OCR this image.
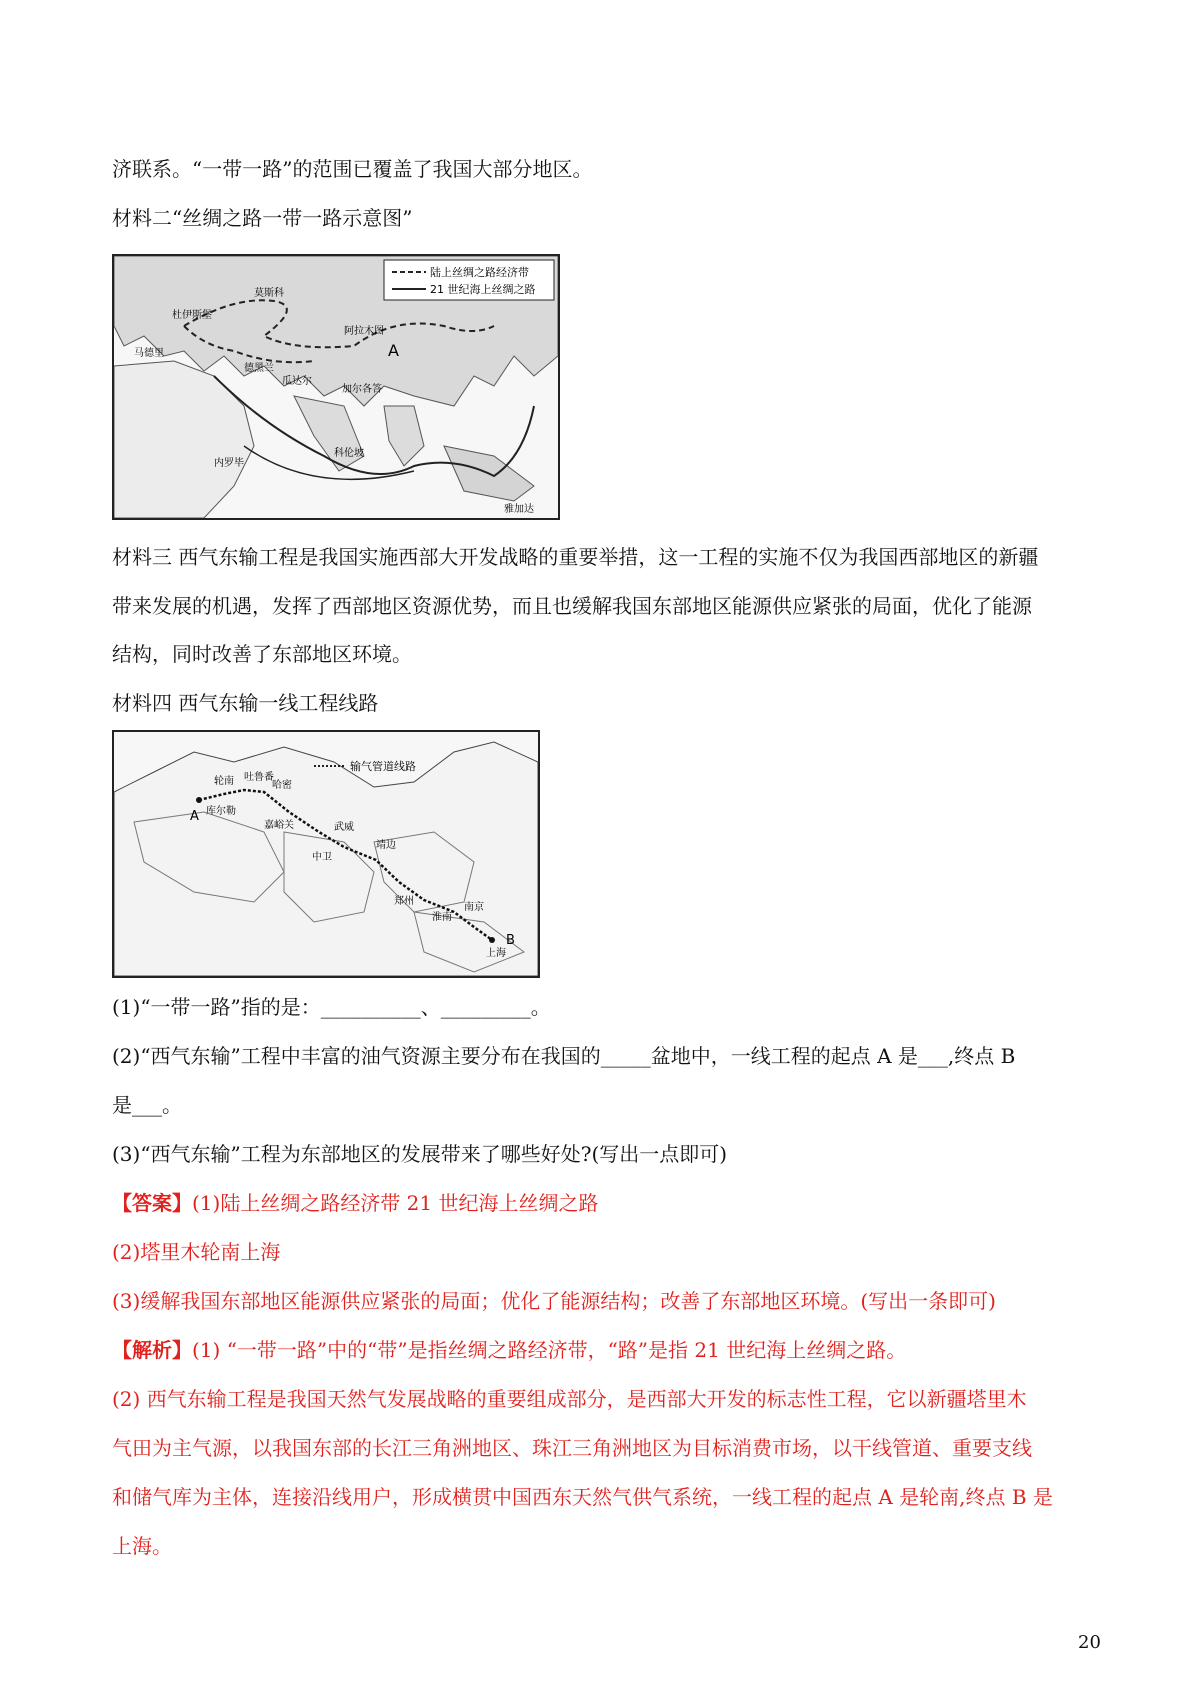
济联系。“一带一路”的范围已覆盖了我国大部分地区。
材料二“丝绸之路一带一路示意图”
陆上丝绸之路经济带
21 世纪海上丝绸之路
莫斯科
杜伊斯堡
阿拉木图
德黑兰
瓜达尔
加尔各答
科伦坡
内罗毕
雅加达
马德里	A
材料三 西气东输工程是我国实施西部大开发战略的重要举措，这一工程的实施不仅为我国西部地区的新疆
带来发展的机遇，发挥了西部地区资源优势，而且也缓解我国东部地区能源供应紧张的局面，优化了能源
结构，同时改善了东部地区环境。
材料四 西气东输一线工程线路
输气管道线路
轮南
库尔勒
吐鲁番
哈密
嘉峪关	武威
中卫
靖边
郑州
淮南
南京
上海
A
B
(1)“一带一路”指的是：__________、_________。
(2)“西气东输”工程中丰富的油气资源主要分布在我国的_____盆地中，一线工程的起点 A 是___,终点 B
是___。
(3)“西气东输”工程为东部地区的发展带来了哪些好处?(写出一点即可)
【答案】(1)陆上丝绸之路经济带 21 世纪海上丝绸之路
(2)塔里木轮南上海
(3)缓解我国东部地区能源供应紧张的局面；优化了能源结构；改善了东部地区环境。(写出一条即可)
【解析】(1) “一带一路”中的“带”是指丝绸之路经济带，“路”是指 21 世纪海上丝绸之路。
(2) 西气东输工程是我国天然气发展战略的重要组成部分，是西部大开发的标志性工程，它以新疆塔里木
气田为主气源，以我国东部的长江三角洲地区、珠江三角洲地区为目标消费市场，以干线管道、重要支线
和储气库为主体，连接沿线用户，形成横贯中国西东天然气供气系统，一线工程的起点 A 是轮南,终点 B 是
上海。
20
